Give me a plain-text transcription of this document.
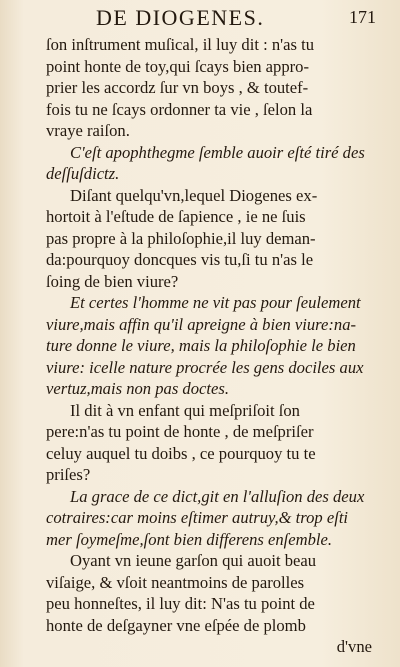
DE DIOGENES.	171
ſon inſtrument muſical, il luy dit : n'as tu
point honte de toy,qui ſcays bien appro-
prier les accordz ſur vn boys , & toutef-
fois tu ne ſcays ordonner ta vie , ſelon la
vraye raiſon.
C'eſt apophthegme ſemble auoir eſté tiré des
deſſuſdictz.
Diſant quelqu'vn,lequel Diogenes ex-
hortoit à l'eſtude de ſapience , ie ne ſuis
pas propre à la philoſophie,il luy deman-
da:pourquoy doncques vis tu,ſi tu n'as le
ſoing de bien viure?
Et certes l'homme ne vit pas pour ſeulement
viure,mais affin qu'il apreigne à bien viure:na-
ture donne le viure, mais la philoſophie le bien
viure: icelle nature procrée les gens dociles aux
vertuz,mais non pas doctes.
Il dit à vn enfant qui meſpriſoit ſon
pere:n'as tu point de honte , de meſpriſer
celuy auquel tu doibs , ce pourquoy tu te
priſes?
La grace de ce dict,git en l'alluſion des deux
cotraires:car moins eſtimer autruy,& trop eſti
mer ſoymeſme,ſont bien differens enſemble.
Oyant vn ieune garſon qui auoit beau
viſaige, & vſoit neantmoins de parolles
peu honneſtes, il luy dit: N'as tu point de
honte de deſgayner vne eſpée de plomb
d'vne
